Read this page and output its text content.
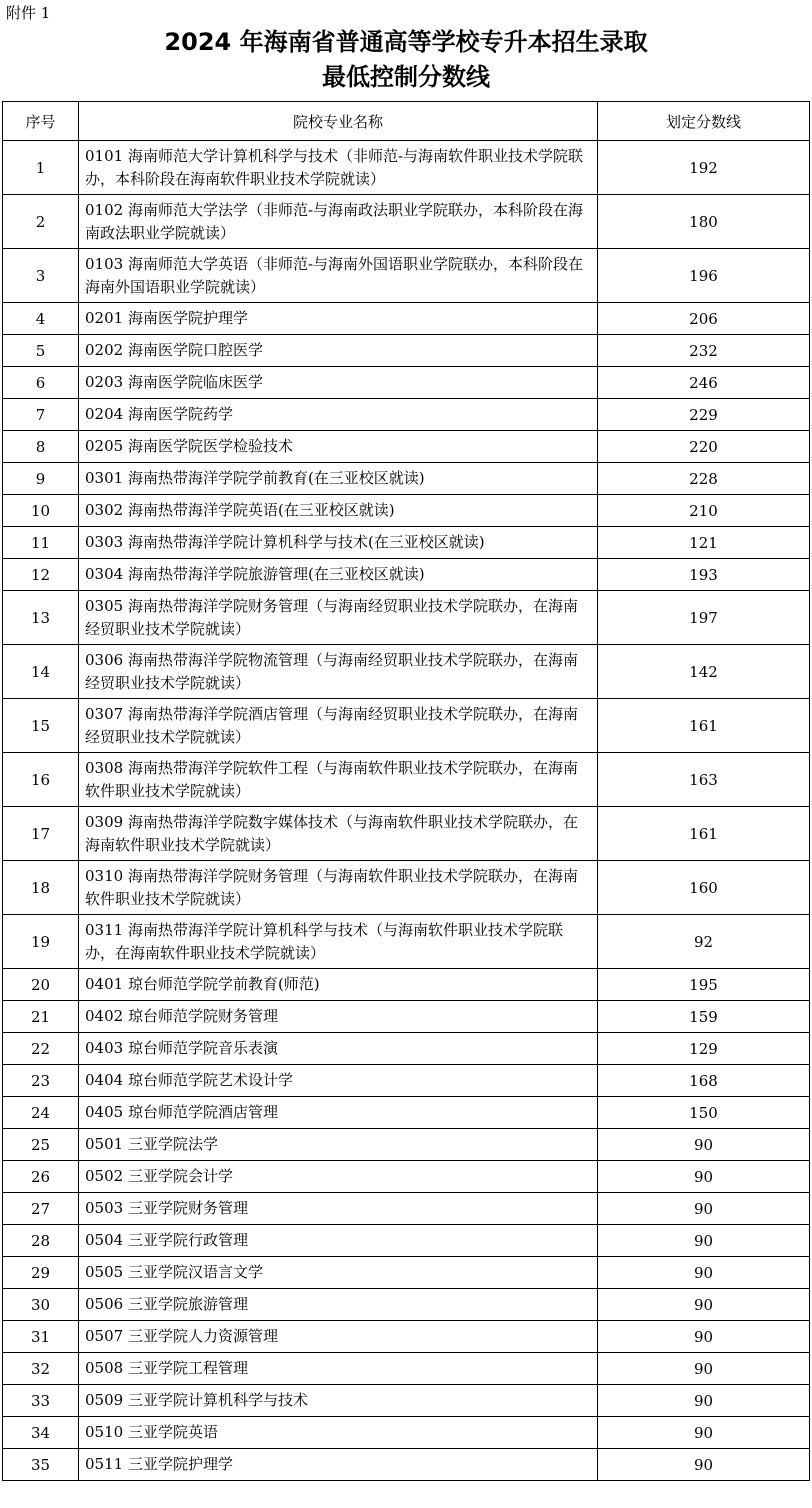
附件 1
2024 年海南省普通高等学校专升本招生录取
最低控制分数线
序号	院校专业名称	划定分数线
1	0101 海南师范大学计算机科学与技术（非师范-与海南软件职业技术学院联办，本科阶段在海南软件职业技术学院就读）	192
2	0102 海南师范大学法学（非师范-与海南政法职业学院联办，本科阶段在海南政法职业学院就读）	180
3	0103 海南师范大学英语（非师范-与海南外国语职业学院联办，本科阶段在海南外国语职业学院就读）	196
4	0201 海南医学院护理学	206
5	0202 海南医学院口腔医学	232
6	0203 海南医学院临床医学	246
7	0204 海南医学院药学	229
8	0205 海南医学院医学检验技术	220
9	0301 海南热带海洋学院学前教育(在三亚校区就读)	228
10	0302 海南热带海洋学院英语(在三亚校区就读)	210
11	0303 海南热带海洋学院计算机科学与技术(在三亚校区就读)	121
12	0304 海南热带海洋学院旅游管理(在三亚校区就读)	193
13	0305 海南热带海洋学院财务管理（与海南经贸职业技术学院联办，在海南经贸职业技术学院就读）	197
14	0306 海南热带海洋学院物流管理（与海南经贸职业技术学院联办，在海南经贸职业技术学院就读）	142
15	0307 海南热带海洋学院酒店管理（与海南经贸职业技术学院联办，在海南经贸职业技术学院就读）	161
16	0308 海南热带海洋学院软件工程（与海南软件职业技术学院联办，在海南软件职业技术学院就读）	163
17	0309 海南热带海洋学院数字媒体技术（与海南软件职业技术学院联办，在海南软件职业技术学院就读）	161
18	0310 海南热带海洋学院财务管理（与海南软件职业技术学院联办，在海南软件职业技术学院就读）	160
19	0311 海南热带海洋学院计算机科学与技术（与海南软件职业技术学院联办，在海南软件职业技术学院就读）	92
20	0401 琼台师范学院学前教育(师范)	195
21	0402 琼台师范学院财务管理	159
22	0403 琼台师范学院音乐表演	129
23	0404 琼台师范学院艺术设计学	168
24	0405 琼台师范学院酒店管理	150
25	0501 三亚学院法学	90
26	0502 三亚学院会计学	90
27	0503 三亚学院财务管理	90
28	0504 三亚学院行政管理	90
29	0505 三亚学院汉语言文学	90
30	0506 三亚学院旅游管理	90
31	0507 三亚学院人力资源管理	90
32	0508 三亚学院工程管理	90
33	0509 三亚学院计算机科学与技术	90
34	0510 三亚学院英语	90
35	0511 三亚学院护理学	90
